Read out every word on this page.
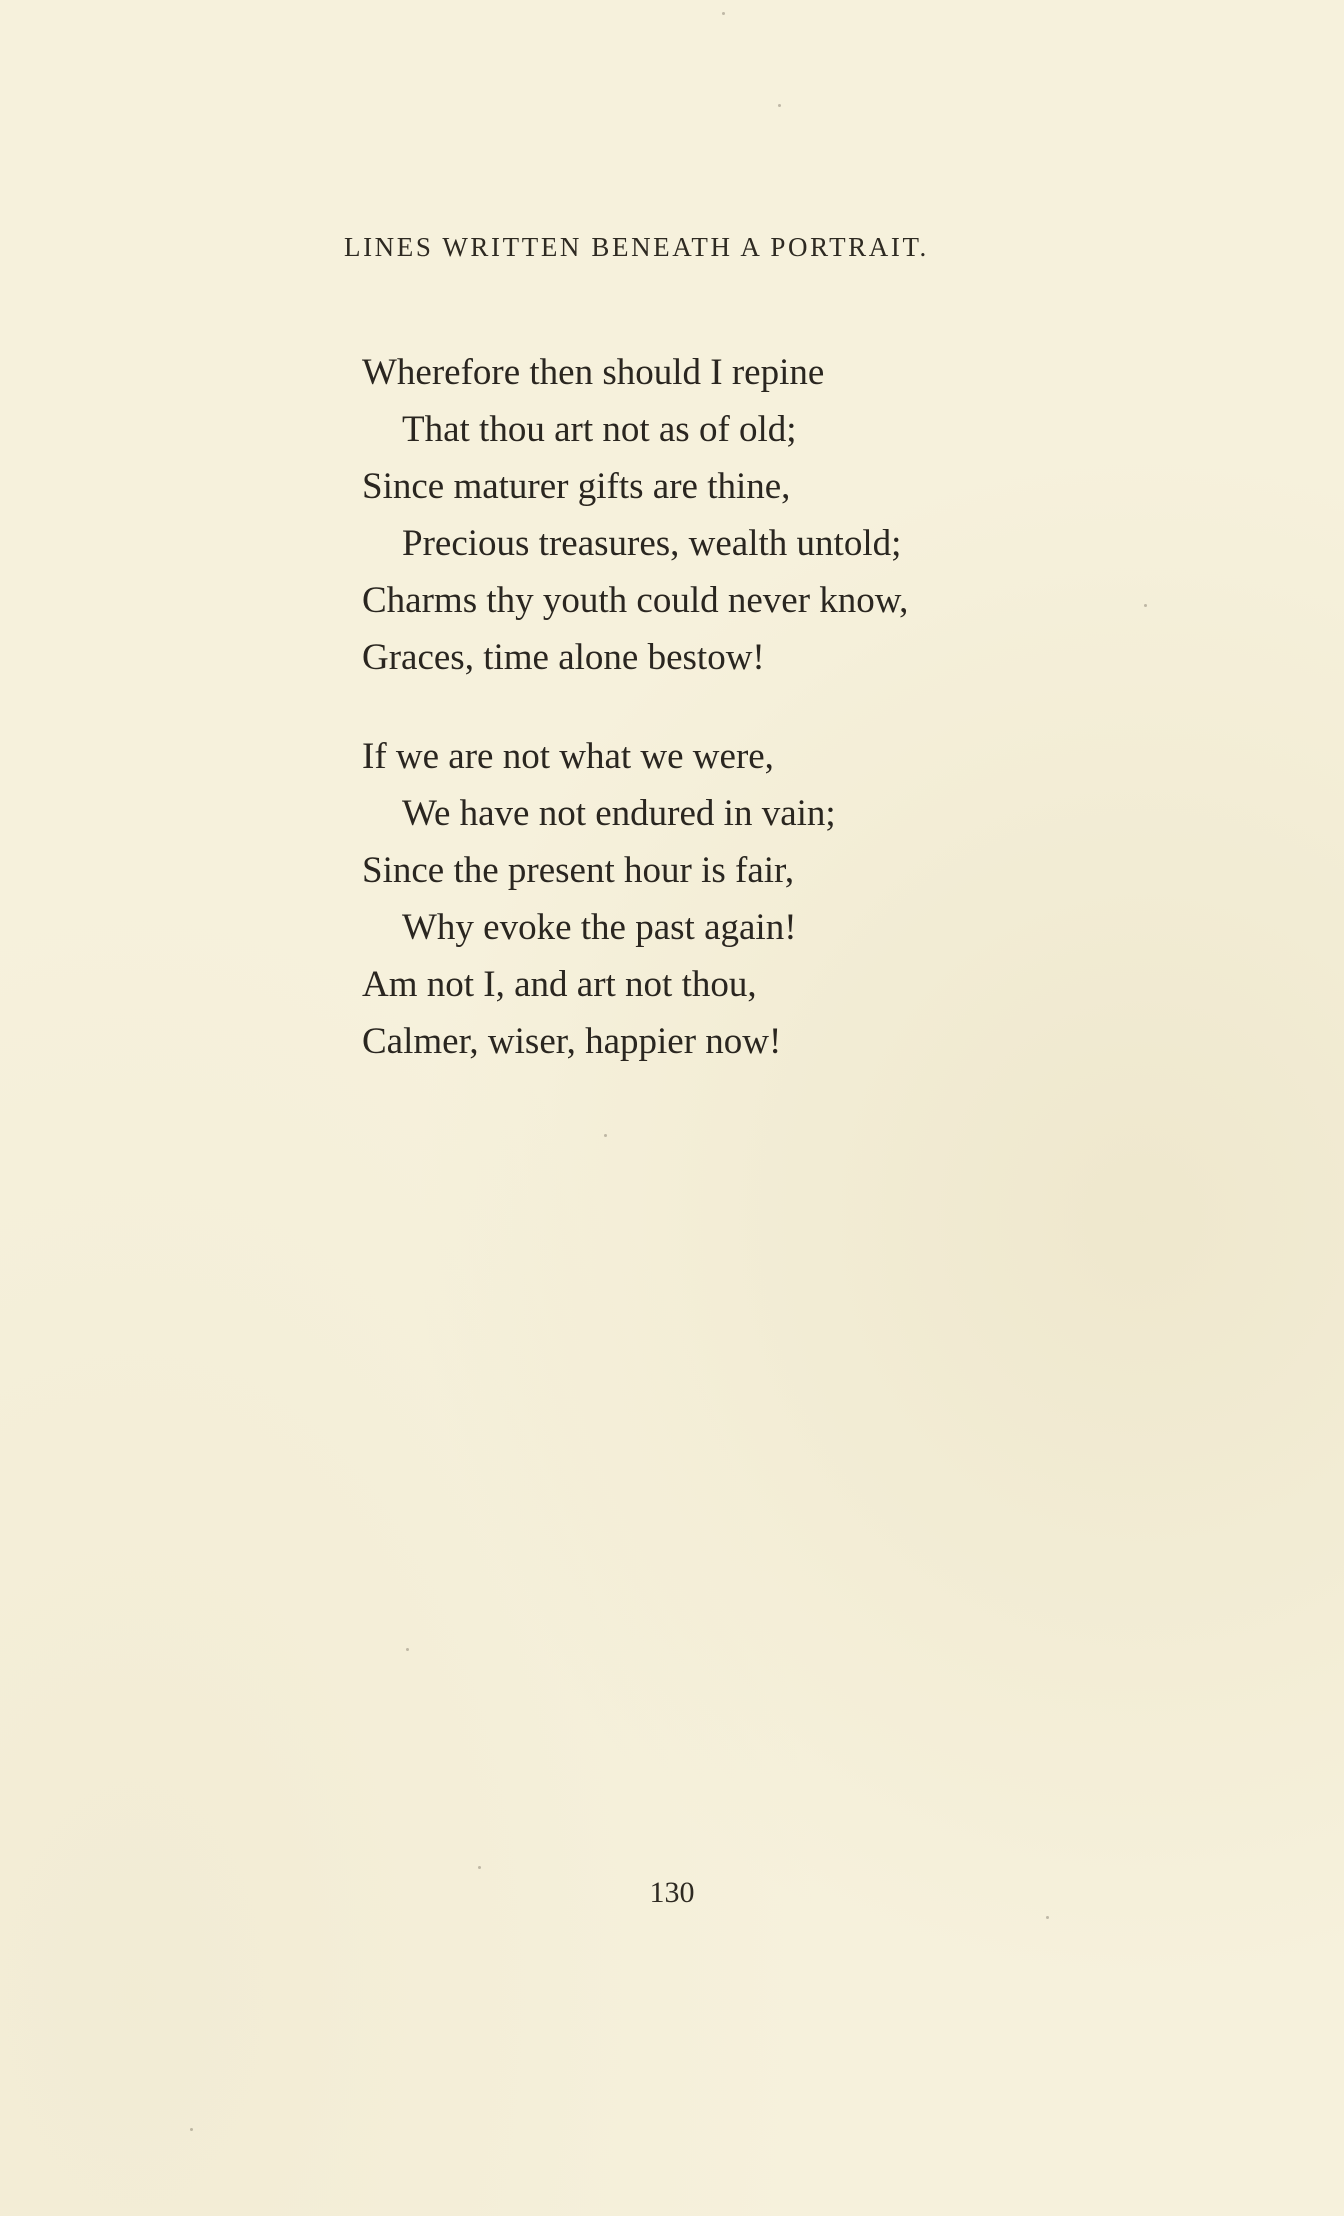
LINES WRITTEN BENEATH A PORTRAIT.
Wherefore then should I repine
That thou art not as of old;
Since maturer gifts are thine,
Precious treasures, wealth untold;
Charms thy youth could never know,
Graces, time alone bestow!
If we are not what we were,
We have not endured in vain;
Since the present hour is fair,
Why evoke the past again!
Am not I, and art not thou,
Calmer, wiser, happier now!
130
